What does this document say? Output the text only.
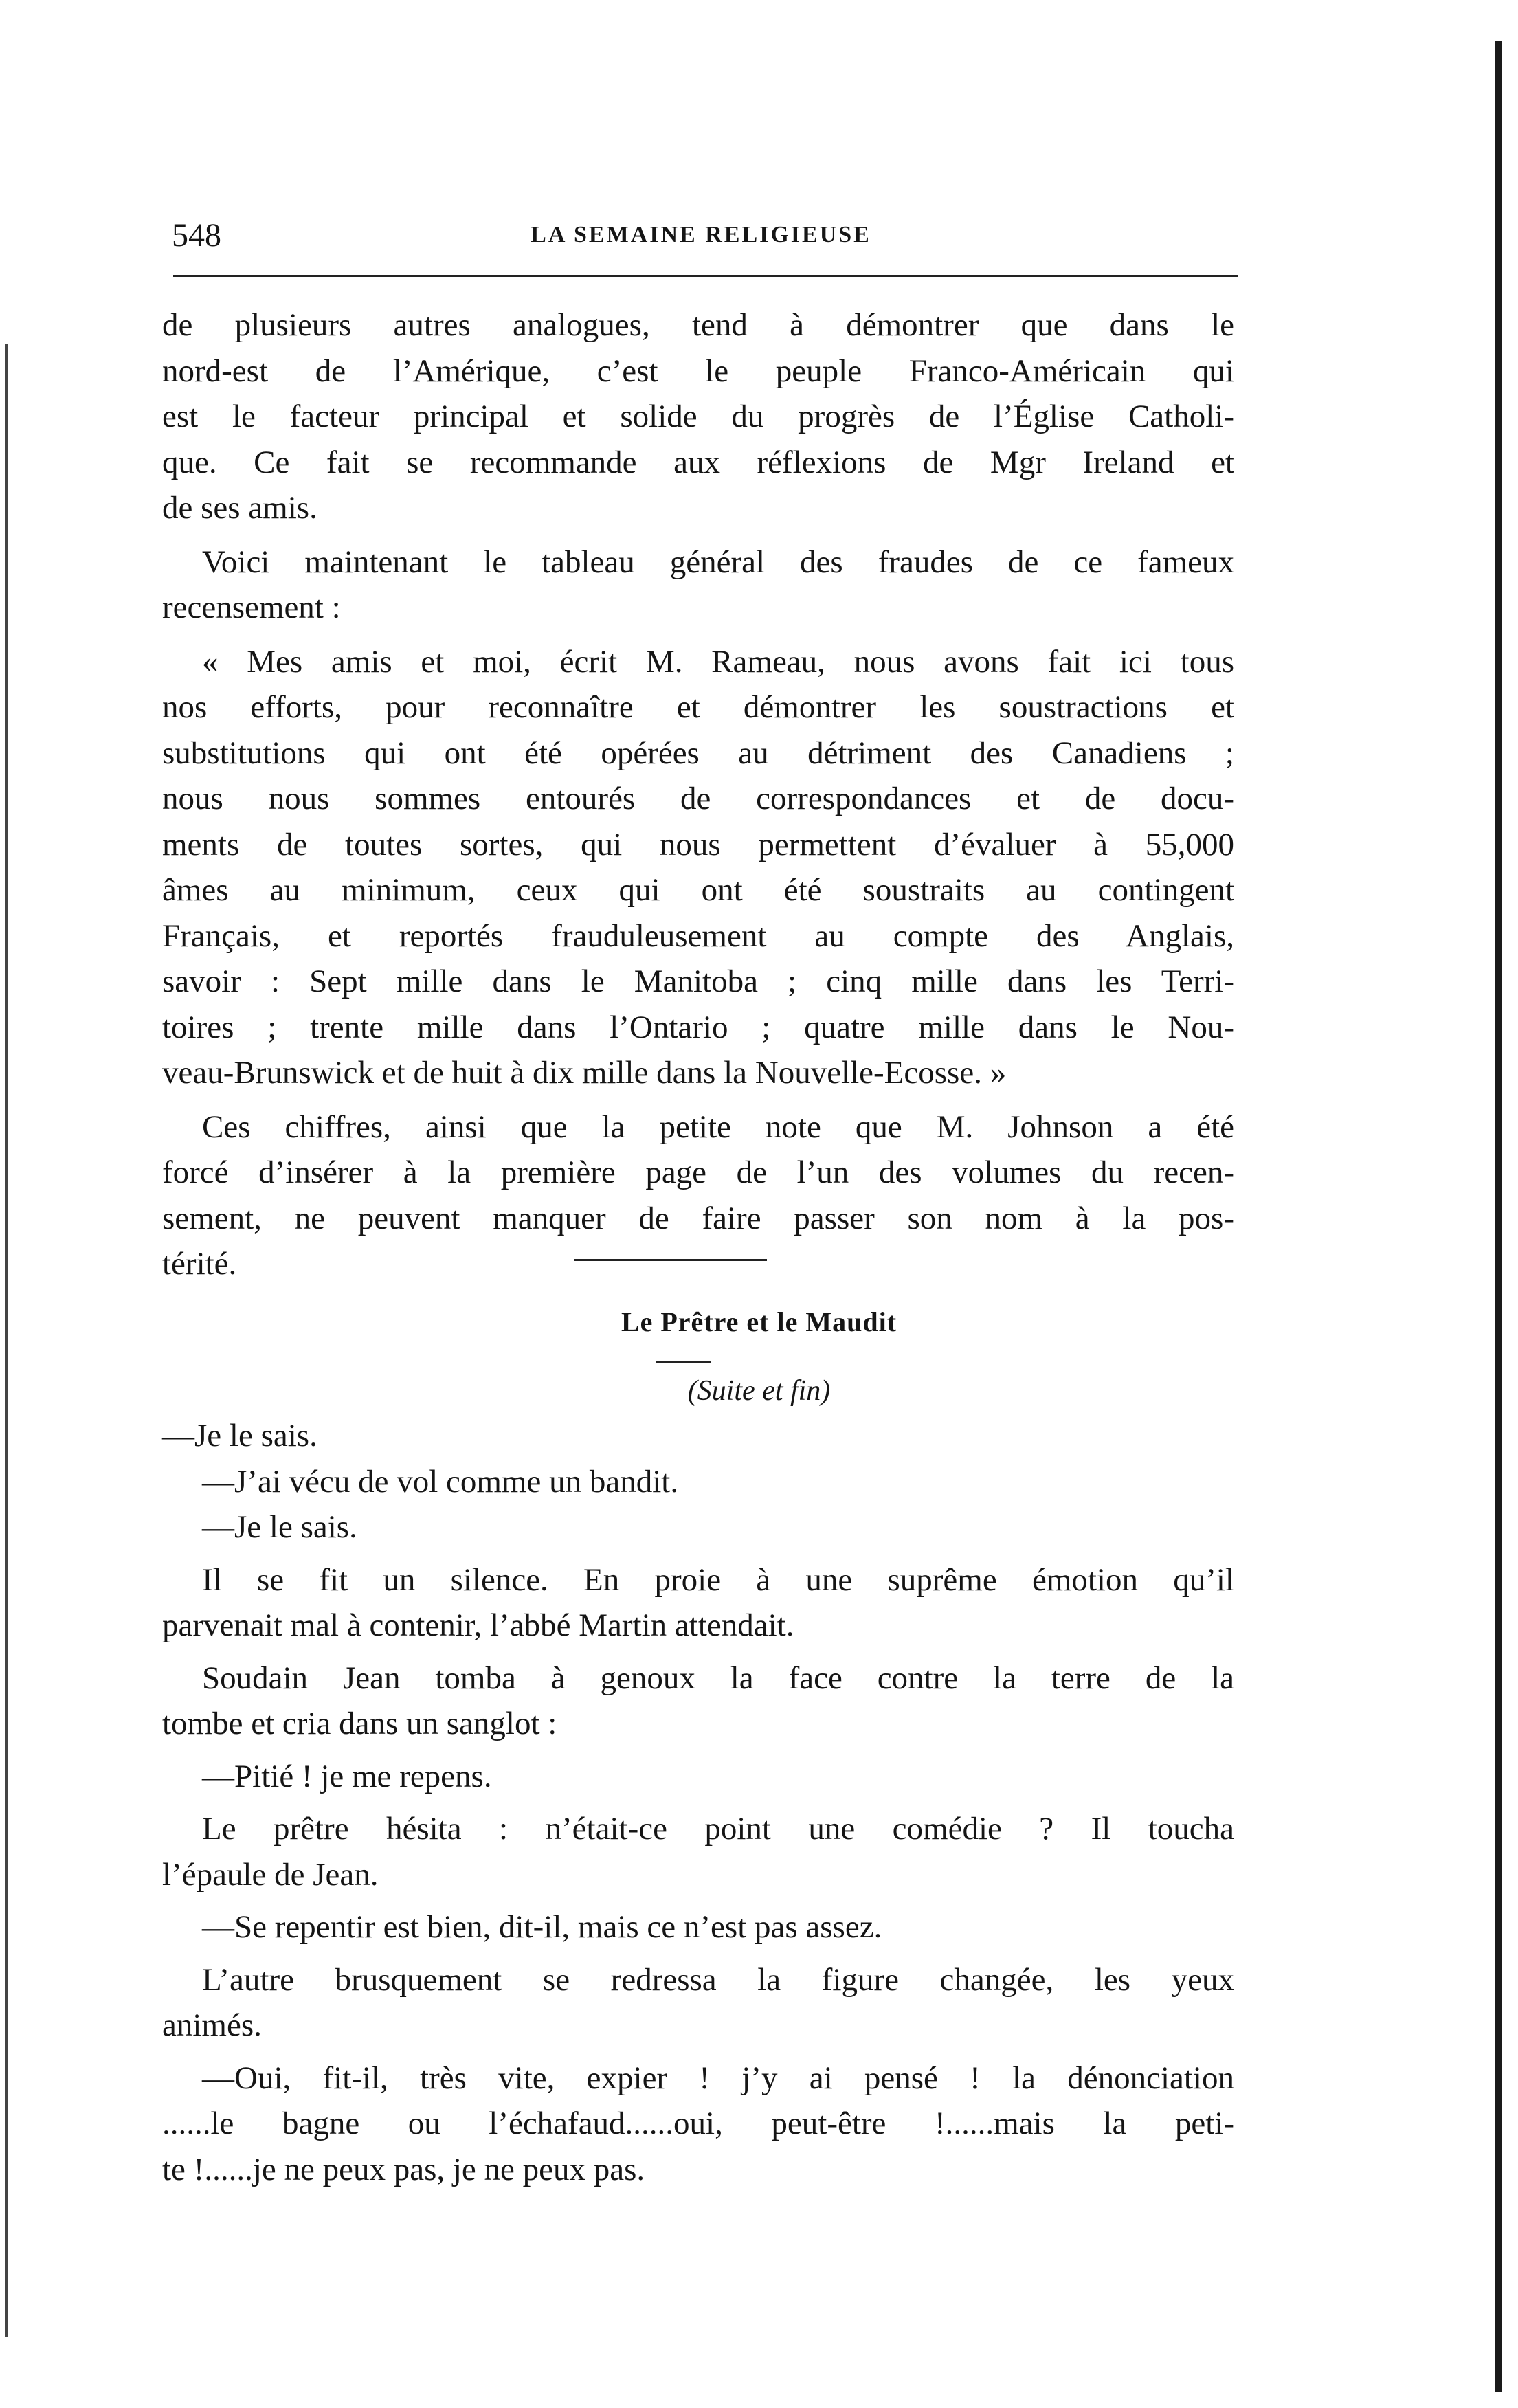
548	LA SEMAINE RELIGIEUSE

de plusieurs autres analogues, tend à démontrer que dans le
nord-est de l’Amérique, c’est le peuple Franco-Américain qui
est le facteur principal et solide du progrès de l’Église Catholi-
que. Ce fait se recommande aux réflexions de Mgr Ireland et
de ses amis.

Voici maintenant le tableau général des fraudes de ce fameux
recensement :

« Mes amis et moi, écrit M. Rameau, nous avons fait ici tous
nos efforts, pour reconnaître et démontrer les soustractions et
substitutions qui ont été opérées au détriment des Canadiens ;
nous nous sommes entourés de correspondances et de docu-
ments de toutes sortes, qui nous permettent d’évaluer à 55,000
âmes au minimum, ceux qui ont été soustraits au contingent
Français, et reportés frauduleusement au compte des Anglais,
savoir : Sept mille dans le Manitoba ; cinq mille dans les Terri-
toires ; trente mille dans l’Ontario ; quatre mille dans le Nou-
veau-Brunswick et de huit à dix mille dans la Nouvelle-Ecosse. »

Ces chiffres, ainsi que la petite note que M. Johnson a été
forcé d’insérer à la première page de l’un des volumes du recen-
sement, ne peuvent manquer de faire passer son nom à la pos-
térité.

Le Prêtre et le Maudit
(Suite et fin)

—Je le sais.

—J’ai vécu de vol comme un bandit.

—Je le sais.

Il se fit un silence. En proie à une suprême émotion qu’il
parvenait mal à contenir, l’abbé Martin attendait.

Soudain Jean tomba à genoux la face contre la terre de la
tombe et cria dans un sanglot :

—Pitié ! je me repens.

Le prêtre hésita : n’était-ce point une comédie ? Il toucha
l’épaule de Jean.

—Se repentir est bien, dit-il, mais ce n’est pas assez.

L’autre brusquement se redressa la figure changée, les yeux
animés.

—Oui, fit-il, très vite, expier ! j’y ai pensé ! la dénonciation
......le bagne ou l’échafaud......oui, peut-être !......mais la peti-
te !......je ne peux pas, je ne peux pas.
